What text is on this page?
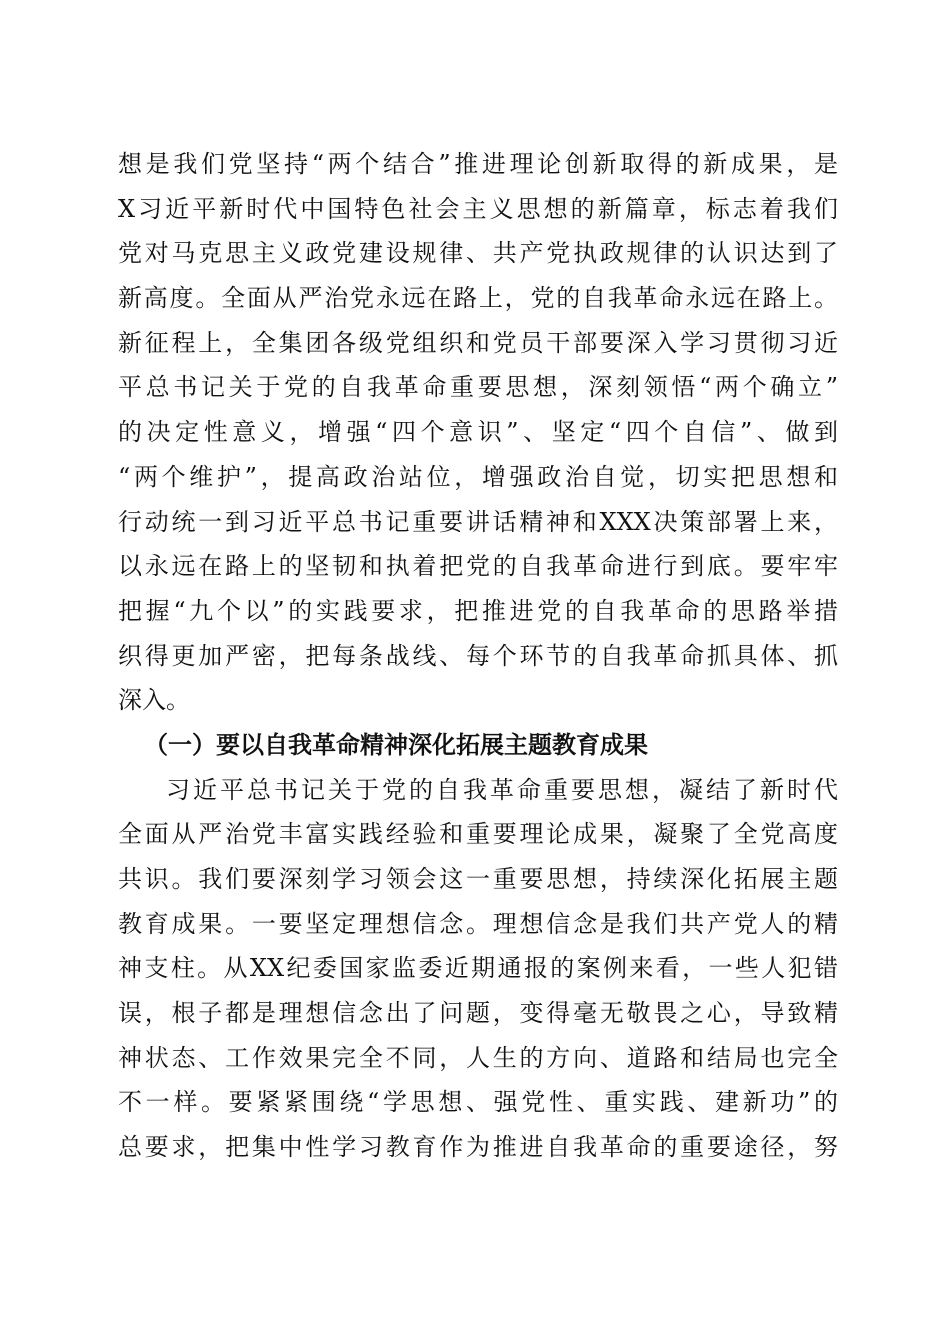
想是我们党坚持“两个结合”推进理论创新取得的新成果，是
X习近平新时代中国特色社会主义思想的新篇章，标志着我们
党对马克思主义政党建设规律、共产党执政规律的认识达到了
新高度。全面从严治党永远在路上，党的自我革命永远在路上。
新征程上，全集团各级党组织和党员干部要深入学习贯彻习近
平总书记关于党的自我革命重要思想，深刻领悟“两个确立”
的决定性意义，增强“四个意识”、坚定“四个自信”、做到
“两个维护”，提高政治站位，增强政治自觉，切实把思想和
行动统一到习近平总书记重要讲话精神和XXX决策部署上来，
以永远在路上的坚韧和执着把党的自我革命进行到底。要牢牢
把握“九个以”的实践要求，把推进党的自我革命的思路举措
织得更加严密，把每条战线、每个环节的自我革命抓具体、抓
深入。
（一）要以自我革命精神深化拓展主题教育成果
习近平总书记关于党的自我革命重要思想，凝结了新时代
全面从严治党丰富实践经验和重要理论成果，凝聚了全党高度
共识。我们要深刻学习领会这一重要思想，持续深化拓展主题
教育成果。一要坚定理想信念。理想信念是我们共产党人的精
神支柱。从XX纪委国家监委近期通报的案例来看，一些人犯错
误，根子都是理想信念出了问题，变得毫无敬畏之心，导致精
神状态、工作效果完全不同，人生的方向、道路和结局也完全
不一样。要紧紧围绕“学思想、强党性、重实践、建新功”的
总要求，把集中性学习教育作为推进自我革命的重要途径，努
